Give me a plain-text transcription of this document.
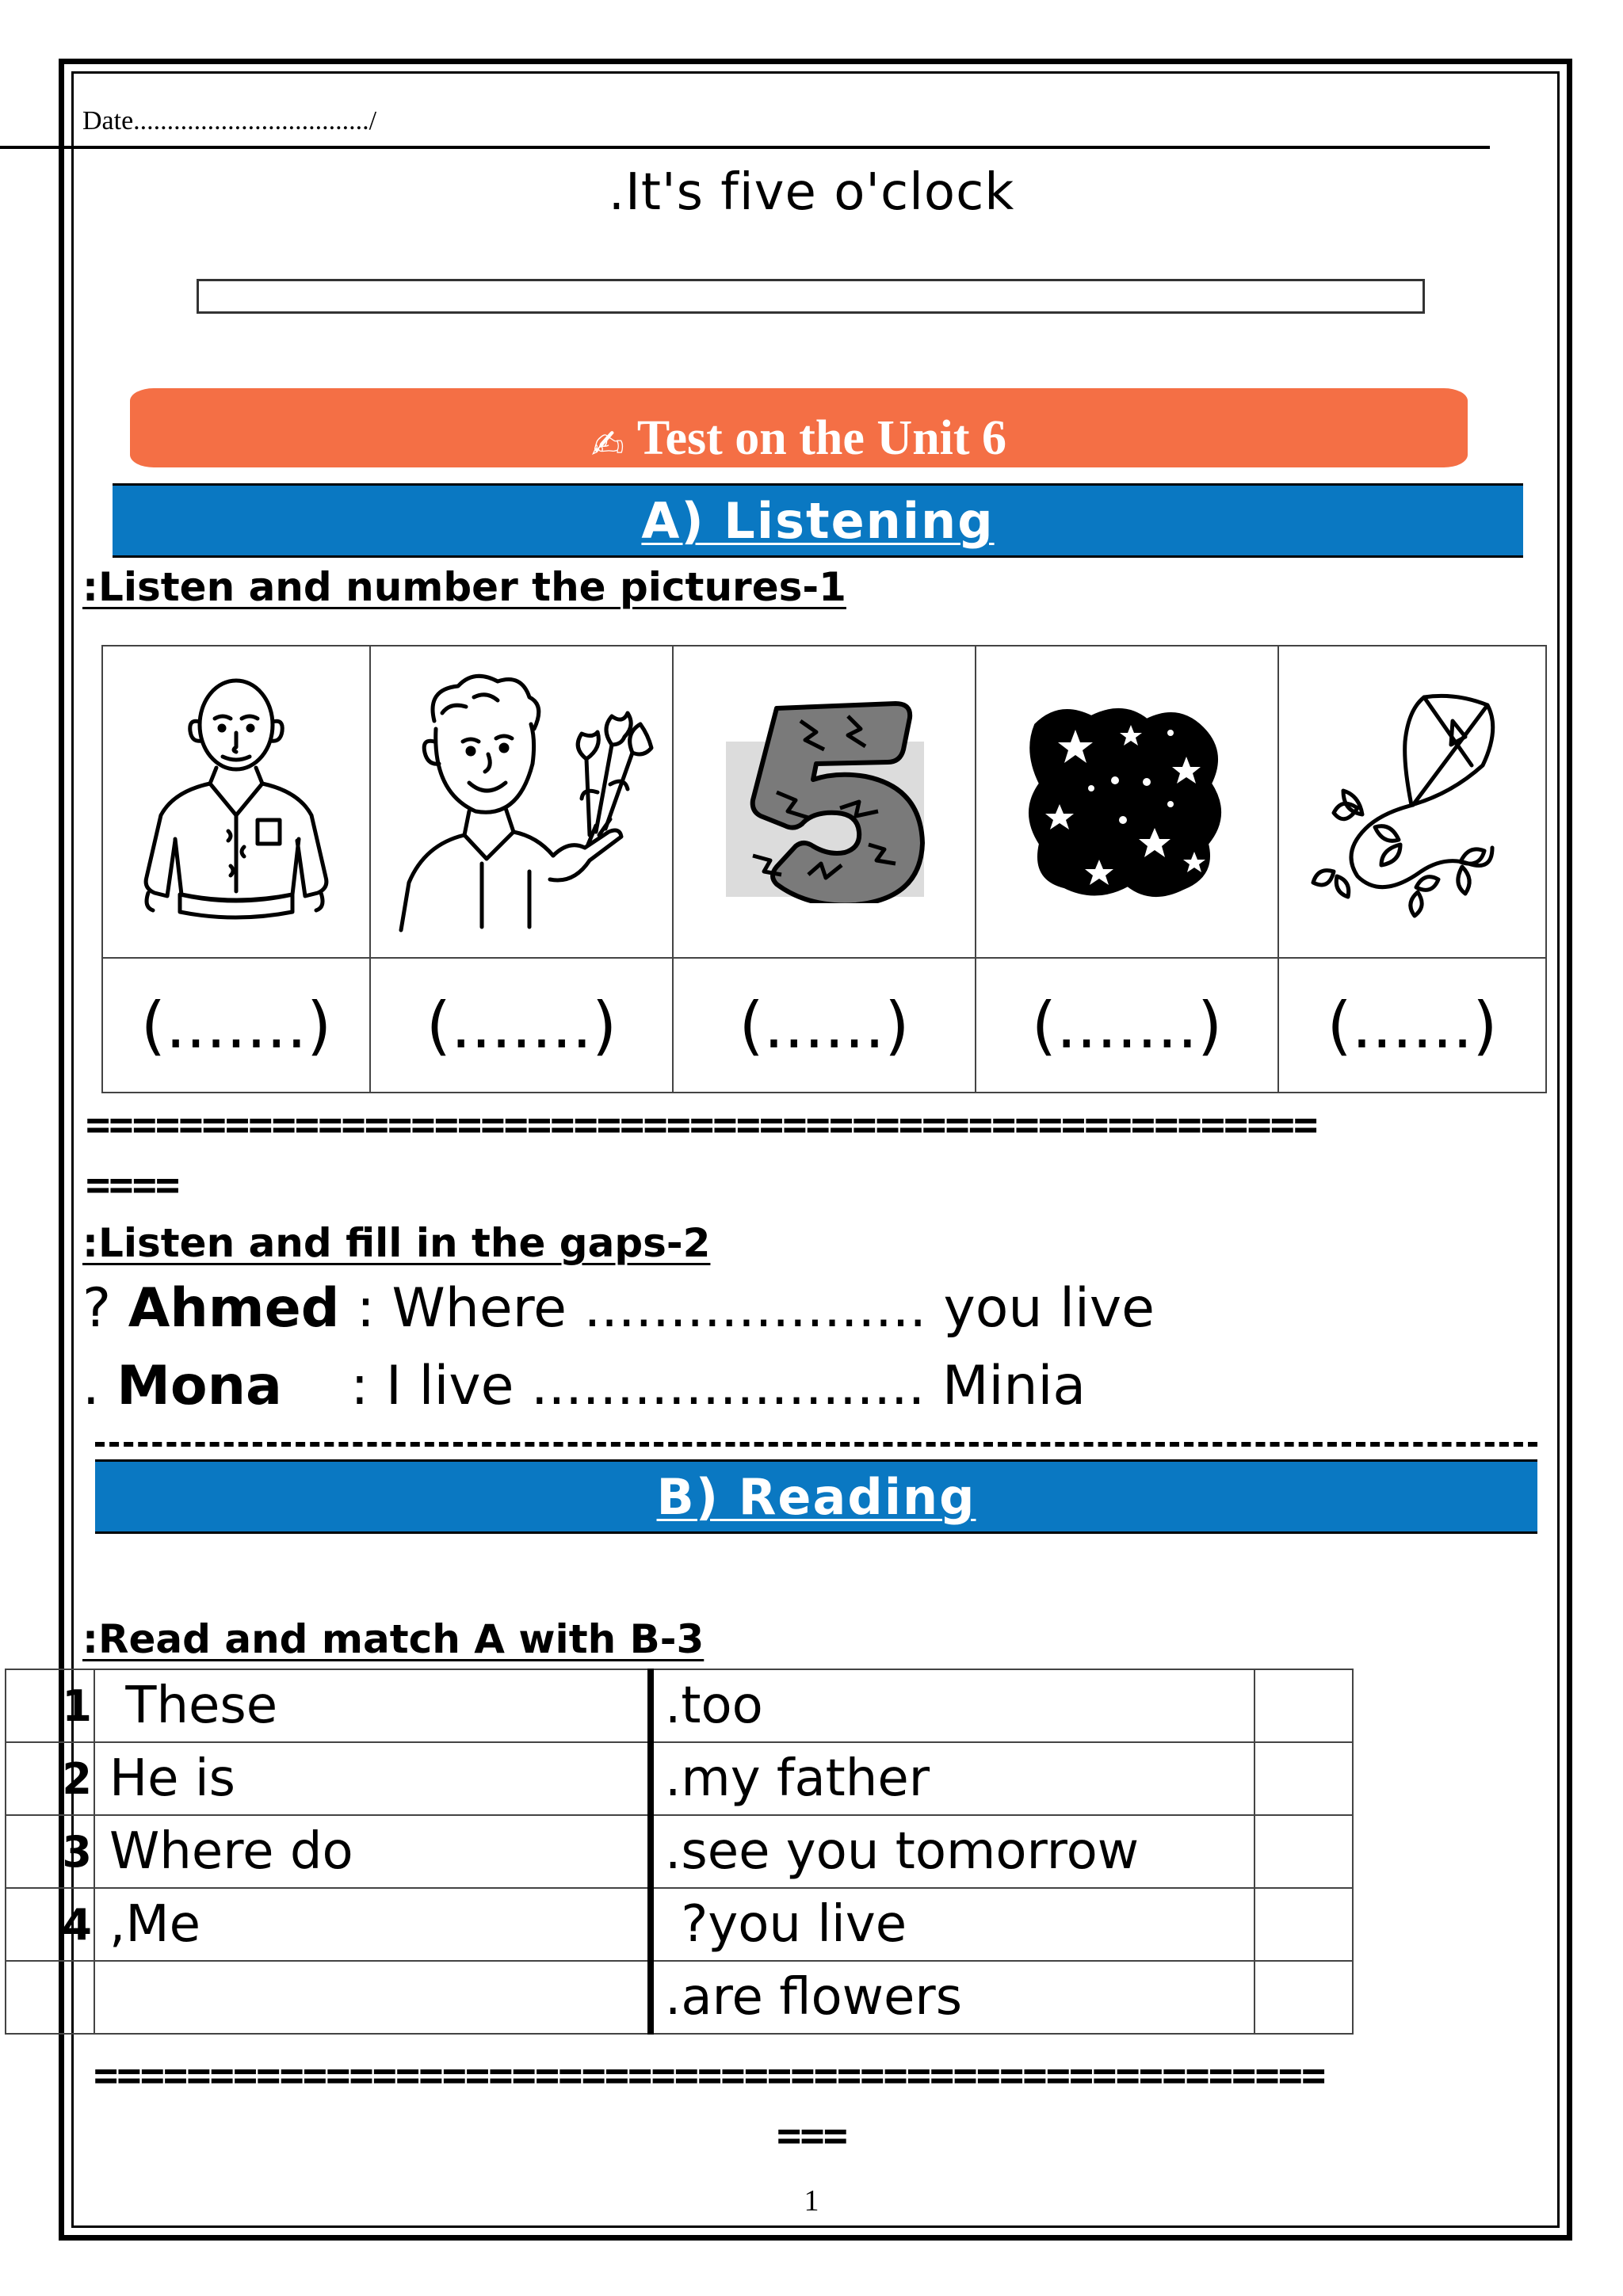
Date.................................../
.It's five o'clock
✍ Test on the Unit 6
A) Listening
:Listen and number the pictures-1

(.......)	(.......)	(......)	(.......)	(......)
=====================================================
====
:Listen and fill in the gaps-2
? Ahmed : Where .................... you live
. Mona    : I live ....................... Minia
B) Reading
:Read and match A with B-3
1	These	.too	
2	He is	.my father	
3	Where do	.see you tomorrow	
4	,Me	?you live	
		.are flowers	
=====================================================
===
1
